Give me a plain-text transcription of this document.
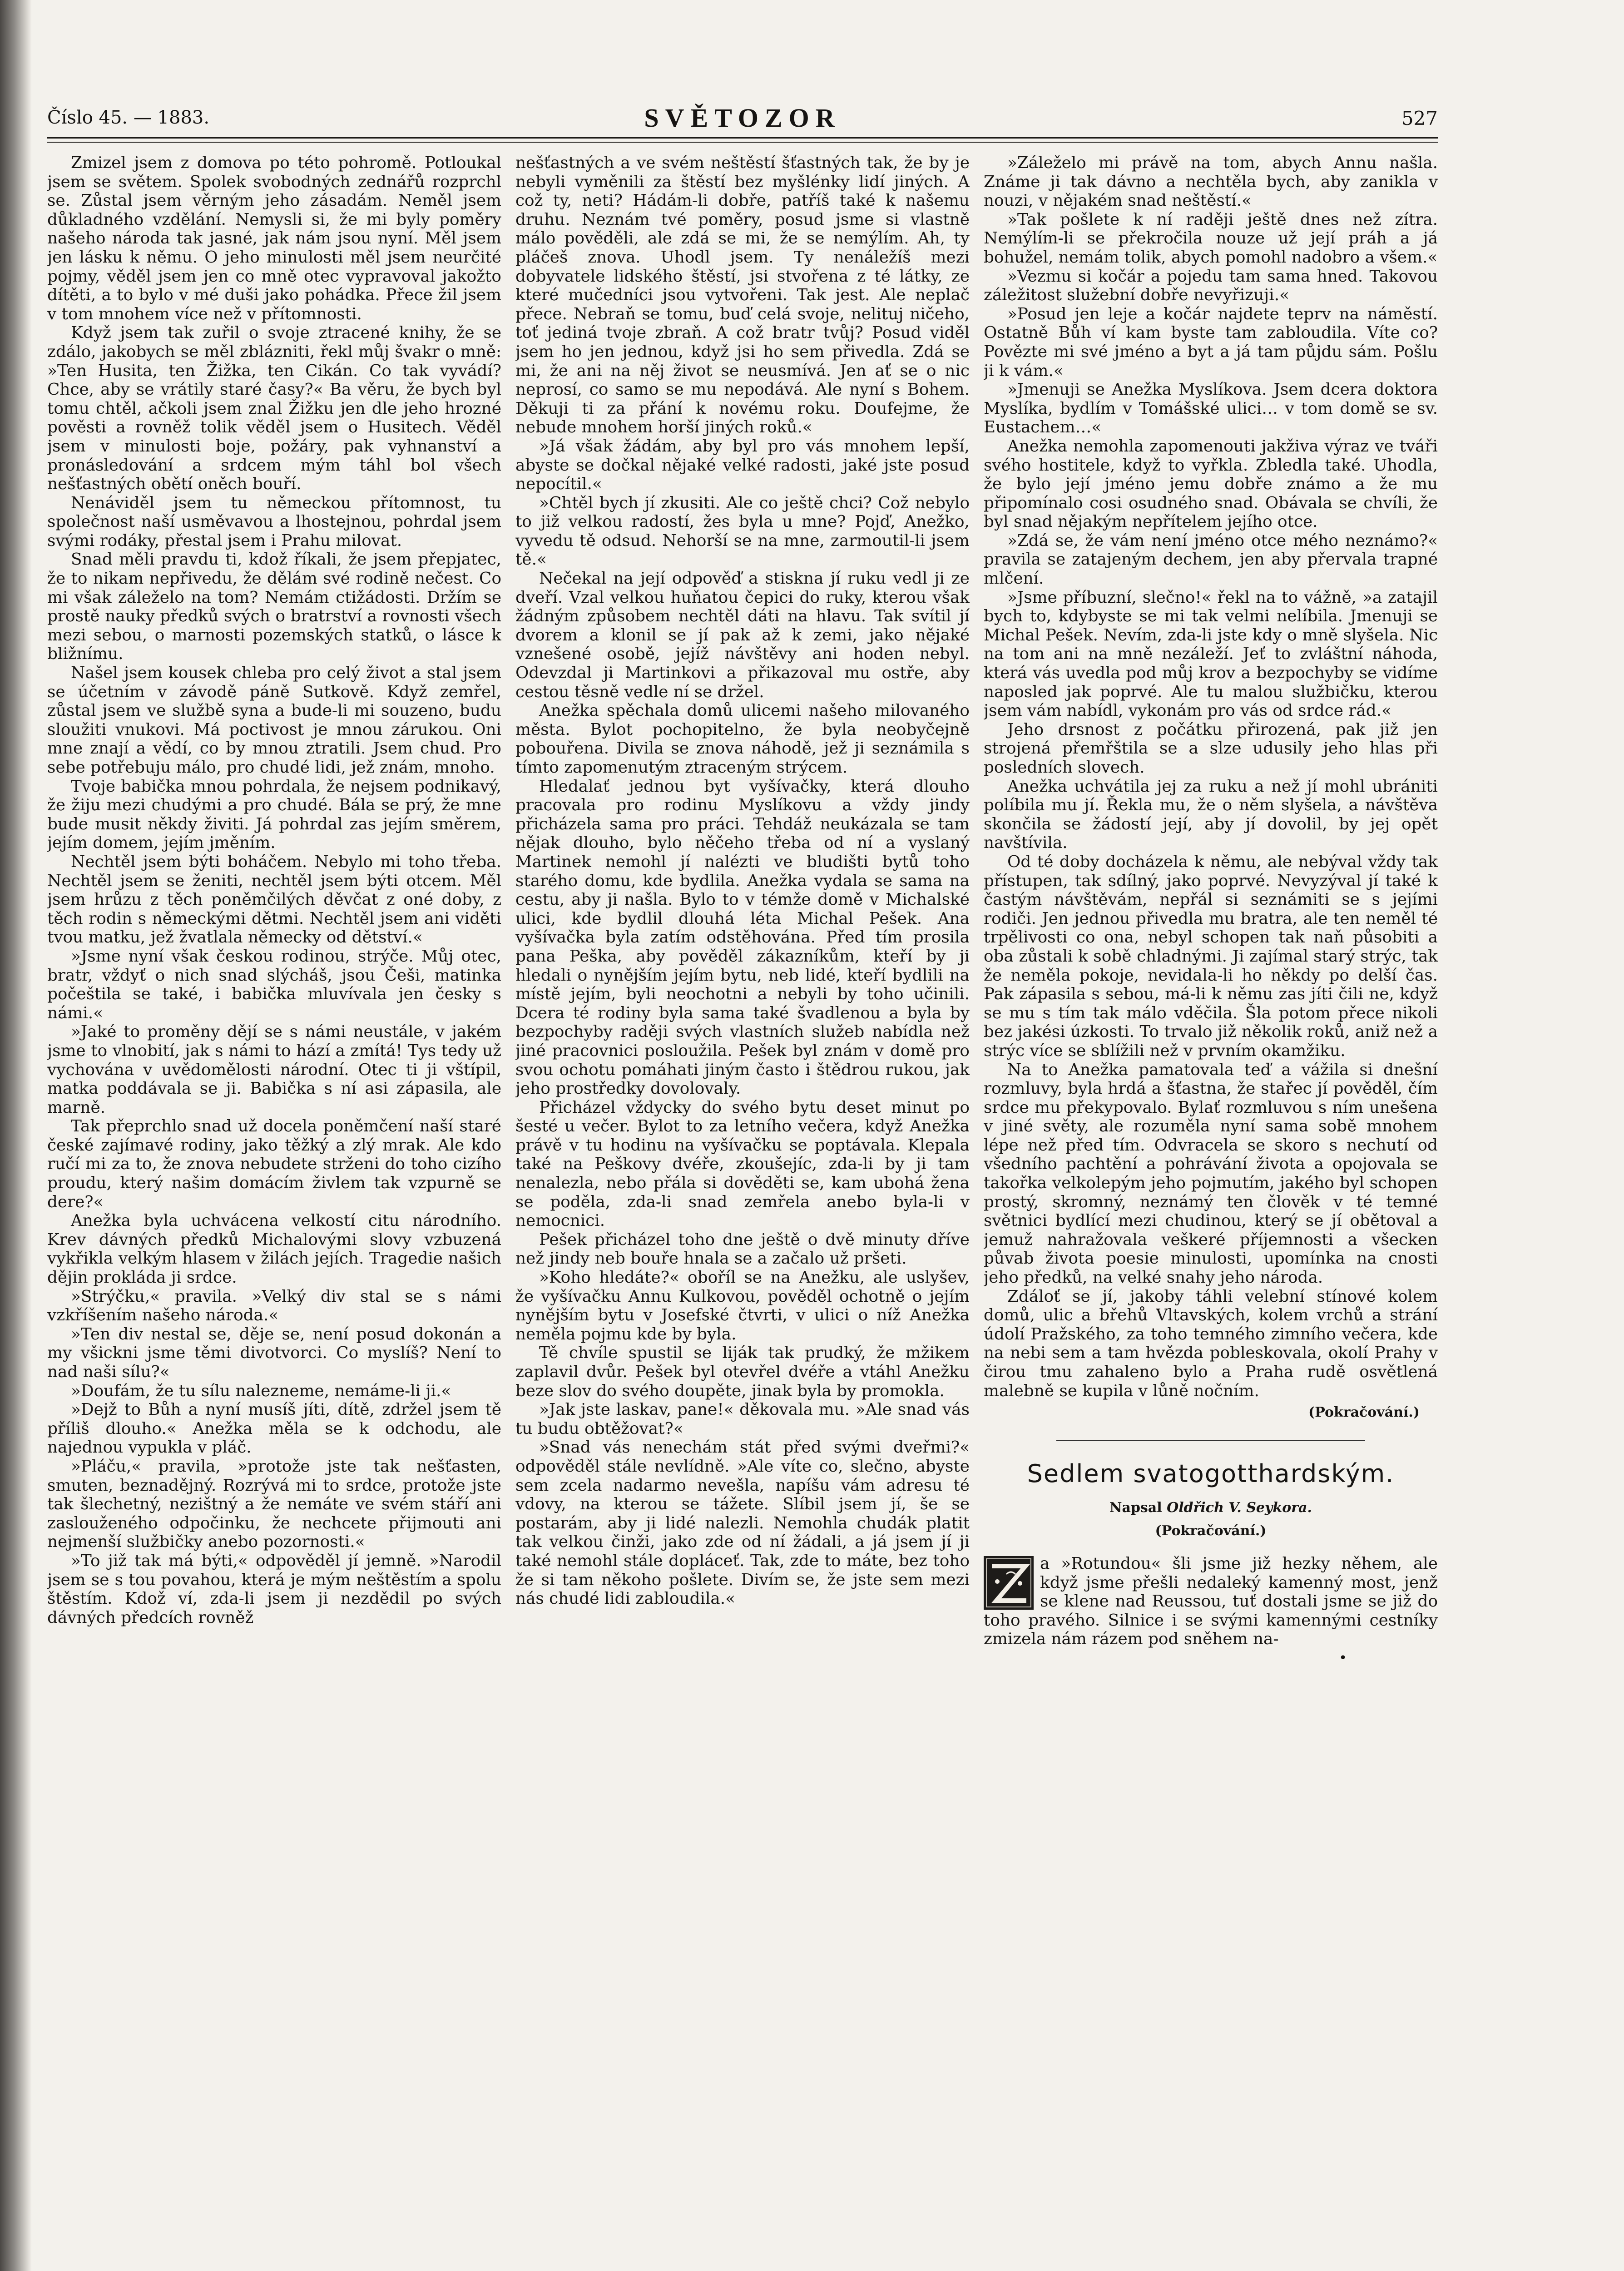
Číslo 45. — 1883.	SVĚTOZOR	527

Zmizel jsem z domova po této pohromě. Potloukal jsem se světem. Spolek svobodných zednářů rozprchl se. Zůstal jsem věrným jeho zásadám. Neměl jsem důkladného vzdělání. Nemysli si, že mi byly poměry našeho národa tak jasné, jak nám jsou nyní. Měl jsem jen lásku k němu. O jeho minulosti měl jsem neurčité pojmy, věděl jsem jen co mně otec vypravoval jakožto dítěti, a to bylo v mé duši jako pohádka. Přece žil jsem v tom mnohem více než v přítomnosti.

Když jsem tak zuřil o svoje ztracené knihy, že se zdálo, jakobych se měl zblázniti, řekl můj švakr o mně: »Ten Husita, ten Žižka, ten Cikán. Co tak vyvádí? Chce, aby se vrátily staré časy?« Ba věru, že bych byl tomu chtěl, ačkoli jsem znal Žižku jen dle jeho hrozné pověsti a rovněž tolik věděl jsem o Husitech. Věděl jsem v minulosti boje, požáry, pak vyhnanství a pronásledování a srdcem mým táhl bol všech nešťastných obětí oněch bouří.

Nenáviděl jsem tu německou přítomnost, tu společnost naší usměvavou a lhostejnou, pohrdal jsem svými rodáky, přestal jsem i Prahu milovat.

Snad měli pravdu ti, kdož říkali, že jsem přepjatec, že to nikam nepřivedu, že dělám své rodině nečest. Co mi však záleželo na tom? Nemám ctižádosti. Držím se prostě nauky předků svých o bratrství a rovnosti všech mezi sebou, o marnosti pozemských statků, o lásce k bližnímu.

Našel jsem kousek chleba pro celý život a stal jsem se účetním v závodě páně Sutkově. Když zemřel, zůstal jsem ve službě syna a bude-li mi souzeno, budu sloužiti vnukovi. Má poctivost je mnou zárukou. Oni mne znají a vědí, co by mnou ztratili. Jsem chud. Pro sebe potřebuju málo, pro chudé lidi, jež znám, mnoho.

Tvoje babička mnou pohrdala, že nejsem podnikavý, že žiju mezi chudými a pro chudé. Bála se prý, že mne bude musit někdy živiti. Já pohrdal zas jejím směrem, jejím domem, jejím jměním.

Nechtěl jsem býti boháčem. Nebylo mi toho třeba. Nechtěl jsem se ženiti, nechtěl jsem býti otcem. Měl jsem hrůzu z těch poněmčilých děvčat z oné doby, z těch rodin s německými dětmi. Nechtěl jsem ani viděti tvou matku, jež žvatlala německy od dětství.«

»Jsme nyní však českou rodinou, strýče. Můj otec, bratr, vždyť o nich snad slýcháš, jsou Češi, matinka počeštila se také, i babička mluvívala jen česky s námi.«

»Jaké to proměny dějí se s námi neustále, v jakém jsme to vlnobití, jak s námi to hází a zmítá! Tys tedy už vychována v uvědomělosti národní. Otec ti ji vštípil, matka poddávala se ji. Babička s ní asi zápasila, ale marně.

Tak přeprchlo snad už docela poněmčení naší staré české zajímavé rodiny, jako těžký a zlý mrak. Ale kdo ručí mi za to, že znova nebudete strženi do toho cizího proudu, který našim domácím živlem tak vzpurně se dere?«

Anežka byla uchvácena velkostí citu národního. Krev dávných předků Michalovými slovy vzbuzená vykřikla velkým hlasem v žilách jejích. Tragedie našich dějin prokláda ji srdce.

»Strýčku,« pravila. »Velký div stal se s námi vzkříšením našeho národa.«

»Ten div nestal se, děje se, není posud dokonán a my všickni jsme těmi divotvorci. Co myslíš? Není to nad naši sílu?«

»Doufám, že tu sílu nalezneme, nemáme-li ji.«

»Dejž to Bůh a nyní musíš jíti, dítě, zdržel jsem tě příliš dlouho.« Anežka měla se k odchodu, ale najednou vypukla v pláč.

»Pláču,« pravila, »protože jste tak nešťasten, smuten, beznadějný. Rozrývá mi to srdce, protože jste tak šlechetný, nezištný a že nemáte ve svém stáří ani zaslouženého odpočinku, že nechcete přijmouti ani nejmenší službičky anebo pozornosti.«

»To již tak má býti,« odpověděl jí jemně. »Narodil jsem se s tou povahou, která je mým neštěstím a spolu štěstím. Kdož ví, zda-li jsem ji nezdědil po svých dávných předcích rovněž

nešťastných a ve svém neštěstí šťastných tak, že by je nebyli vyměnili za štěstí bez myšlénky lidí jiných. A což ty, neti? Hádám-li dobře, patříš také k našemu druhu. Neznám tvé poměry, posud jsme si vlastně málo pověděli, ale zdá se mi, že se nemýlím. Ah, ty pláčeš znova. Uhodl jsem. Ty nenáležíš mezi dobyvatele lidského štěstí, jsi stvořena z té látky, ze které mučedníci jsou vytvořeni. Tak jest. Ale neplač přece. Nebraň se tomu, buď celá svoje, nelituj ničeho, toť jediná tvoje zbraň. A což bratr tvůj? Posud viděl jsem ho jen jednou, když jsi ho sem přivedla. Zdá se mi, že ani na něj život se neusmívá. Jen ať se o nic neprosí, co samo se mu nepodává. Ale nyní s Bohem. Děkuji ti za přání k novému roku. Doufejme, že nebude mnohem horší jiných roků.«

»Já však žádám, aby byl pro vás mnohem lepší, abyste se dočkal nějaké velké radosti, jaké jste posud nepocítil.«

»Chtěl bych jí zkusiti. Ale co ještě chci? Což nebylo to již velkou radostí, žes byla u mne? Pojď, Anežko, vyvedu tě odsud. Nehorší se na mne, zarmoutil-li jsem tě.«

Nečekal na její odpověď a stiskna jí ruku vedl ji ze dveří. Vzal velkou huňatou čepici do ruky, kterou však žádným způsobem nechtěl dáti na hlavu. Tak svítil jí dvorem a klonil se jí pak až k zemi, jako nějaké vznešené osobě, jejíž návštěvy ani hoden nebyl. Odevzdal ji Martinkovi a přikazoval mu ostře, aby cestou těsně vedle ní se držel.

Anežka spěchala domů ulicemi našeho milovaného města. Bylot pochopitelno, že byla neobyčejně pobouřena. Divila se znova náhodě, jež ji seznámila s tímto zapomenutým ztraceným strýcem.

Hledalať jednou byt vyšívačky, která dlouho pracovala pro rodinu Myslíkovu a vždy jindy přicházela sama pro práci. Tehdáž neukázala se tam nějak dlouho, bylo něčeho třeba od ní a vyslaný Martinek nemohl jí nalézti ve bludišti bytů toho starého domu, kde bydlila. Anežka vydala se sama na cestu, aby ji našla. Bylo to v témže domě v Michalské ulici, kde bydlil dlouhá léta Michal Pešek. Ana vyšívačka byla zatím odstěhována. Před tím prosila pana Peška, aby pověděl zákazníkům, kteří by ji hledali o nynějším jejím bytu, neb lidé, kteří bydlili na místě jejím, byli neochotni a nebyli by toho učinili. Dcera té rodiny byla sama také švadlenou a byla by bezpochyby raději svých vlastních služeb nabídla než jiné pracovnici posloužila. Pešek byl znám v domě pro svou ochotu pomáhati jiným často i štědrou rukou, jak jeho prostředky dovolovaly.

Přicházel vždycky do svého bytu deset minut po šesté u večer. Bylot to za letního večera, když Anežka právě v tu hodinu na vyšívačku se poptávala. Klepala také na Peškovy dvéře, zkoušejíc, zda-li by ji tam nenalezla, nebo přála si dověděti se, kam ubohá žena se poděla, zda-li snad zemřela anebo byla-li v nemocnici.

Pešek přicházel toho dne ještě o dvě minuty dříve než jindy neb bouře hnala se a začalo už pršeti.

»Koho hledáte?« oboříl se na Anežku, ale uslyšev, že vyšívačku Annu Kulkovou, pověděl ochotně o jejím nynějším bytu v Josefské čtvrti, v ulici o níž Anežka neměla pojmu kde by byla.

Tě chvíle spustil se liják tak prudký, že mžikem zaplavil dvůr. Pešek byl otevřel dvéře a vtáhl Anežku beze slov do svého doupěte, jinak byla by promokla.

»Jak jste laskav, pane!« děkovala mu. »Ale snad vás tu budu obtěžovat?«

»Snad vás nenechám stát před svými dveřmi?« odpověděl stále nevlídně. »Ale víte co, slečno, abyste sem zcela nadarmo nevešla, napíšu vám adresu té vdovy, na kterou se tážete. Slíbil jsem jí, še se postarám, aby ji lidé nalezli. Nemohla chudák platit tak velkou činži, jako zde od ní žádali, a já jsem jí ji také nemohl stále dopláceť. Tak, zde to máte, bez toho že si tam někoho pošlete. Divím se, že jste sem mezi nás chudé lidi zabloudila.«

»Záleželo mi právě na tom, abych Annu našla. Známe ji tak dávno a nechtěla bych, aby zanikla v nouzi, v nějakém snad neštěstí.«

»Tak pošlete k ní raději ještě dnes než zítra. Nemýlím-li se překročila nouze už její práh a já bohužel, nemám tolik, abych pomohl nadobro a všem.«

»Vezmu si kočár a pojedu tam sama hned. Takovou záležitost služební dobře nevyřizuji.«

»Posud jen leje a kočár najdete teprv na náměstí. Ostatně Bůh ví kam byste tam zabloudila. Víte co? Povězte mi své jméno a byt a já tam půjdu sám. Pošlu ji k vám.«

»Jmenuji se Anežka Myslíkova. Jsem dcera doktora Myslíka, bydlím v Tomášské ulici… v tom domě se sv. Eustachem…«

Anežka nemohla zapomenouti jakživa výraz ve tváři svého hostitele, když to vyřkla. Zbledla také. Uhodla, že bylo její jméno jemu dobře známo a že mu připomínalo cosi osudného snad. Obávala se chvíli, že byl snad nějakým nepřítelem jejího otce.

»Zdá se, že vám není jméno otce mého neznámo?« pravila se zatajeným dechem, jen aby přervala trapné mlčení.

»Jsme příbuzní, slečno!« řekl na to vážně, »a zatajil bych to, kdybyste se mi tak velmi nelíbila. Jmenuji se Michal Pešek. Nevím, zda-li jste kdy o mně slyšela. Nic na tom ani na mně nezáleží. Jeť to zvláštní náhoda, která vás uvedla pod můj krov a bezpochyby se vidíme naposled jak poprvé. Ale tu malou službičku, kterou jsem vám nabídl, vykonám pro vás od srdce rád.«

Jeho drsnost z počátku přirozená, pak již jen strojená přemřštila se a slze udusily jeho hlas při posledních slovech.

Anežka uchvátila jej za ruku a než jí mohl ubrániti políbila mu jí. Řekla mu, že o něm slyšela, a návštěva skončila se žádostí její, aby jí dovolil, by jej opět navštívila.

Od té doby docházela k němu, ale nebýval vždy tak přístupen, tak sdílný, jako poprvé. Nevyzýval jí také k častým návštěvám, nepřál si seznámiti se s jejími rodiči. Jen jednou přivedla mu bratra, ale ten neměl té trpělivosti co ona, nebyl schopen tak naň působiti a oba zůstali k sobě chladnými. Ji zajímal starý strýc, tak že neměla pokoje, nevidala-li ho někdy po delší čas. Pak zápasila s sebou, má-li k němu zas jíti čili ne, když se mu s tím tak málo vděčila. Šla potom přece nikoli bez jakési úzkosti. To trvalo již několik roků, aniž než a strýc více se sblížili než v prvním okamžiku.

Na to Anežka pamatovala teď a vážila si dnešní rozmluvy, byla hrdá a šťastna, že stařec jí pověděl, čím srdce mu překypovalo. Bylať rozmluvou s ním unešena v jiné světy, ale rozuměla nyní sama sobě mnohem lépe než před tím. Odvracela se skoro s nechutí od všedního pachtění a pohrávání života a opojovala se takořka velkolepým jeho pojmutím, jakého byl schopen prostý, skromný, neznámý ten člověk v té temné světnici bydlící mezi chudinou, který se jí obětoval a jemuž nahražovala veškeré příjemnosti a všecken půvab života poesie minulosti, upomínka na cnosti jeho předků, na velké snahy jeho národa.

Zdáloť se jí, jakoby táhli velební stínové kolem domů, ulic a břehů Vltavských, kolem vrchů a strání údolí Pražského, za toho temného zimního večera, kde na nebi sem a tam hvězda pobleskovala, okolí Prahy v čirou tmu zahaleno bylo a Praha rudě osvětlená malebně se kupila v lůně nočním.

(Pokračování.)
Sedlem svatogotthardským.
Napsal Oldřich V. Seykora.
(Pokračování.)

a »Rotundou« šli jsme již hezky něhem, ale když jsme přešli nedaleký kamenný most, jenž se klene nad Reussou, tuť dostali jsme se již do toho pravého. Silnice i se svými kamennými cestníky zmizela nám rázem pod sněhem na-

•
